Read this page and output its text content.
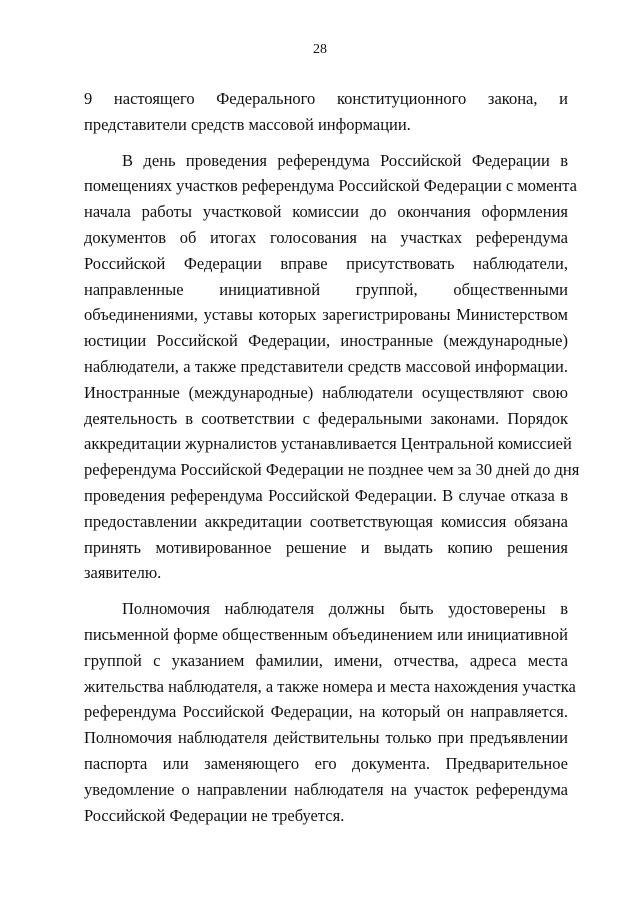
28
9 настоящего Федерального конституционного закона, и
представители средств массовой информации.
В день проведения референдума Российской Федерации в
помещениях участков референдума Российской Федерации с момента
начала работы участковой комиссии до окончания оформления
документов об итогах голосования на участках референдума
Российской Федерации вправе присутствовать наблюдатели,
направленные инициативной группой, общественными
объединениями, уставы которых зарегистрированы Министерством
юстиции Российской Федерации, иностранные (международные)
наблюдатели, а также представители средств массовой информации.
Иностранные (международные) наблюдатели осуществляют свою
деятельность в соответствии с федеральными законами. Порядок
аккредитации журналистов устанавливается Центральной комиссией
референдума Российской Федерации не позднее чем за 30 дней до дня
проведения референдума Российской Федерации. В случае отказа в
предоставлении аккредитации соответствующая комиссия обязана
принять мотивированное решение и выдать копию решения
заявителю.
Полномочия наблюдателя должны быть удостоверены в
письменной форме общественным объединением или инициативной
группой с указанием фамилии, имени, отчества, адреса места
жительства наблюдателя, а также номера и места нахождения участка
референдума Российской Федерации, на который он направляется.
Полномочия наблюдателя действительны только при предъявлении
паспорта или заменяющего его документа. Предварительное
уведомление о направлении наблюдателя на участок референдума
Российской Федерации не требуется.
